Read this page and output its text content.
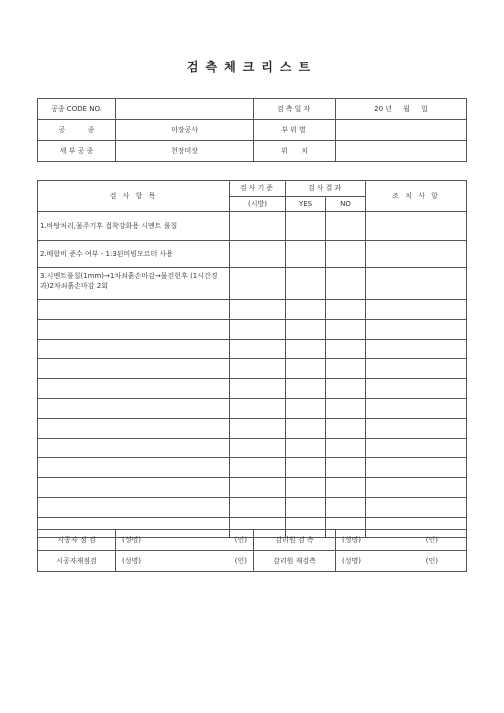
검측체크리스트
공종 CODE NO.		검측일자	20 년     월     일
공          종	미장공사	부위별	
세 부 공 종	천장미장	위      치	
검 사 항 목	검사기준	검사결과		조 치 사 항
	(시방)	YES	NO	
1.바탕처리,물주기후 접착강화용 시멘트 풀칠				
2.배합비 준수 여부 - 1:3된비빔모르터 사용				
3.시멘트풀칠(1mm)→1차쇠흙손마감→물걷힌후 (1시간경과)2차쇠흙손마감 2회				

시공자 점 검	(성명) (인)	감리원 검 측	(성명) (인)

시공자재점검	(성명) (인)	감리원 재검측	(성명) (인)
